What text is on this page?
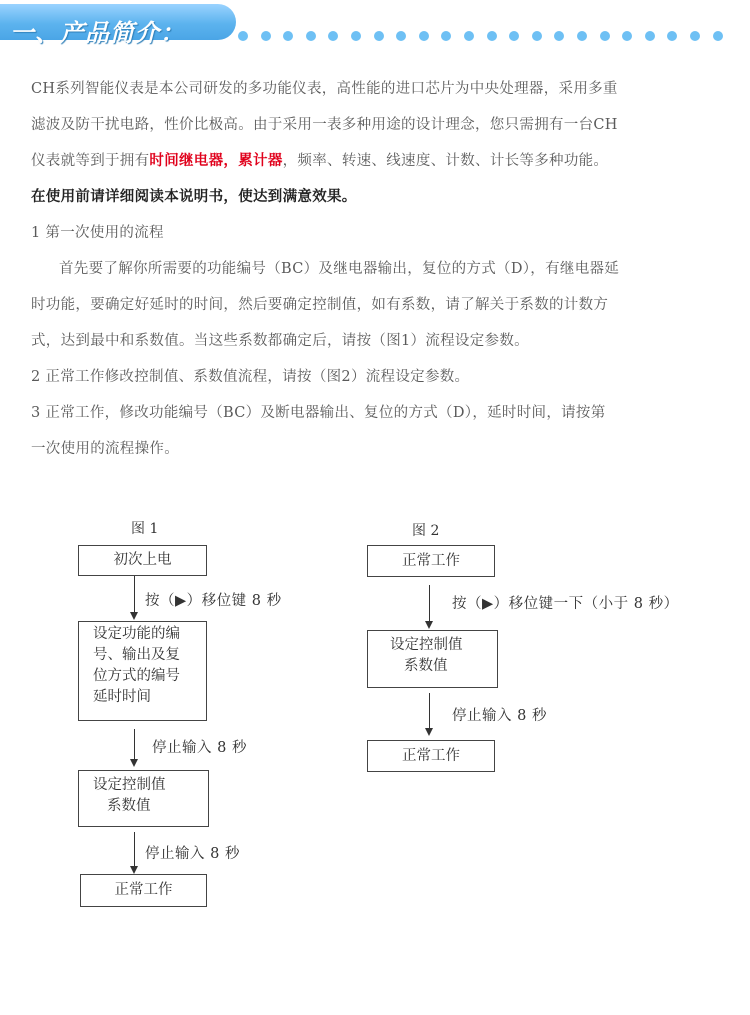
一、产品简介：

CH系列智能仪表是本公司研发的多功能仪表，高性能的进口芯片为中央处理器，采用多重

滤波及防干扰电路，性价比极高。由于采用一表多种用途的设计理念，您只需拥有一台CH

仪表就等到于拥有时间继电器，累计器，频率、转速、线速度、计数、计长等多种功能。

在使用前请详细阅读本说明书，使达到满意效果。

1 第一次使用的流程

首先要了解你所需要的功能编号（BC）及继电器输出，复位的方式（D），有继电器延

时功能，要确定好延时的时间，然后要确定控制值，如有系数，请了解关于系数的计数方

式，达到最中和系数值。当这些系数都确定后，请按（图1）流程设定参数。

2 正常工作修改控制值、系数值流程，请按（图2）流程设定参数。

3 正常工作，修改功能编号（BC）及断电器输出、复位的方式（D），延时时间，请按第

一次使用的流程操作。

图 1
初次上电
按（▶）移位键 8 秒
设定功能的编
号、输出及复
位方式的编号
延时时间
停止输入 8 秒
设定控制值
系数值
停止输入 8 秒
正常工作
图 2
正常工作
按（▶）移位键一下（小于 8 秒）
设定控制值
系数值
停止输入 8 秒
正常工作
